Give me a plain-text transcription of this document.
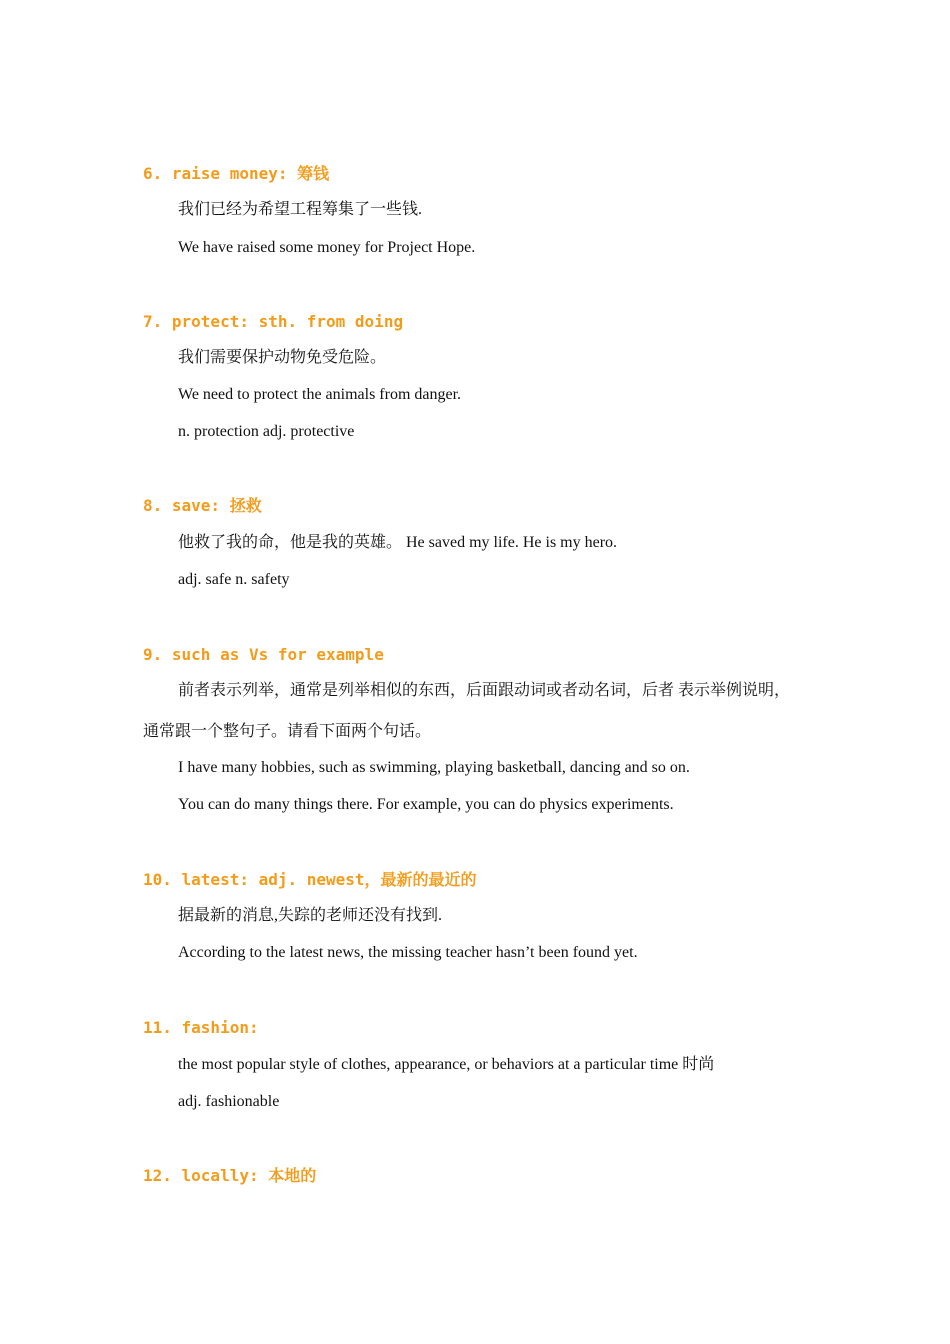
6. raise money: 筹钱
我们已经为希望工程筹集了一些钱.
We have raised some money for Project Hope.
7. protect: sth. from doing
我们需要保护动物免受危险。
We need to protect the animals from danger.
n. protection adj. protective
8. save: 拯救
他救了我的命，他是我的英雄。 He saved my life. He is my hero.
adj. safe n. safety
9. such as Vs for example
前者表示列举，通常是列举相似的东西，后面跟动词或者动名词，后者 表示举例说明，
通常跟一个整句子。请看下面两个句话。
I have many hobbies, such as swimming, playing basketball, dancing and so on.
You can do many things there. For example, you can do physics experiments.
10. latest: adj. newest，最新的最近的
据最新的消息,失踪的老师还没有找到.
According to the latest news, the missing teacher hasn’t been found yet.
11. fashion:
the most popular style of clothes, appearance, or behaviors at a particular time 时尚
adj. fashionable
12. locally: 本地的
